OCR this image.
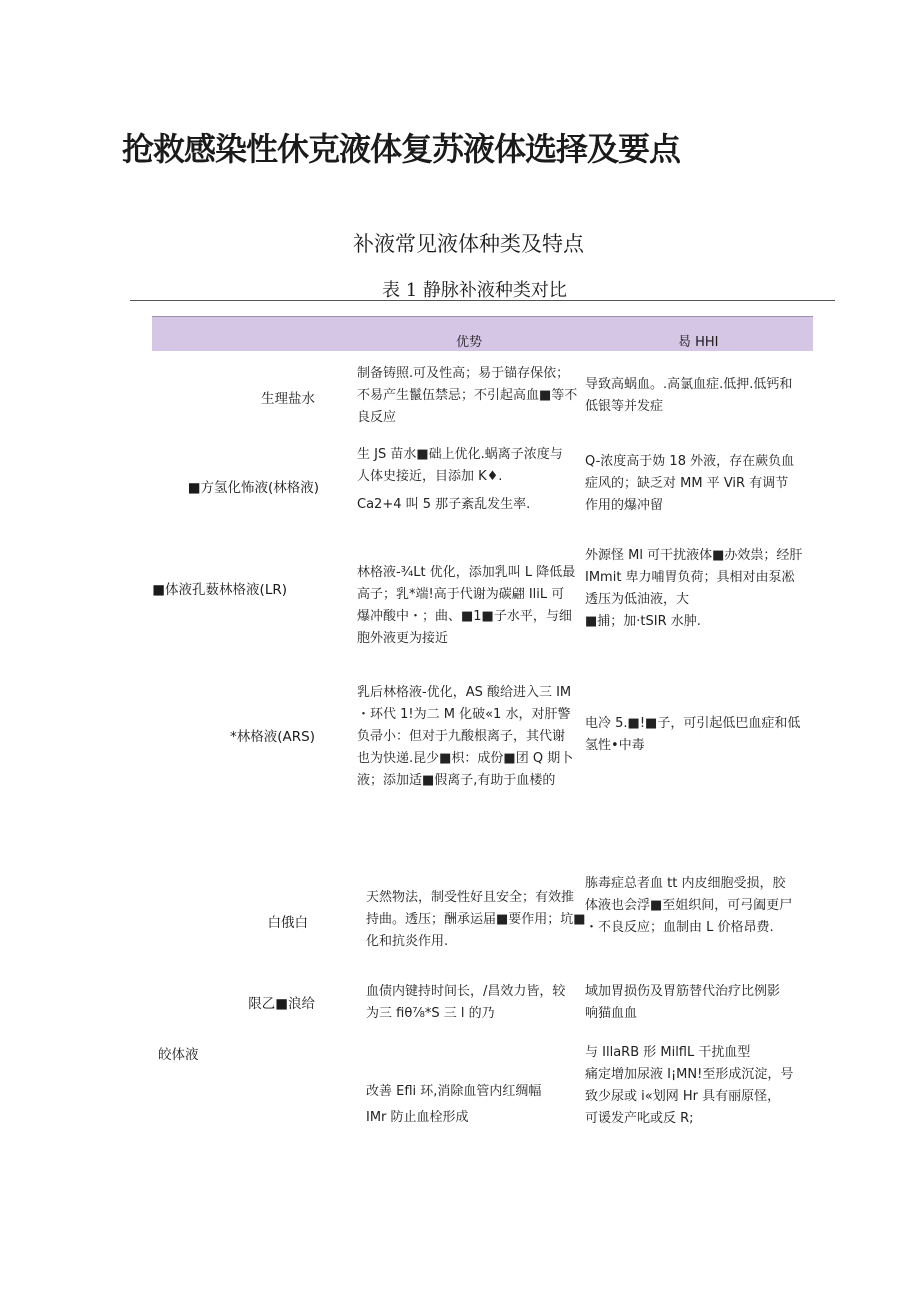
抢救感染性休克液体复苏液体选择及要点
补液常见液体种类及特点
表 1 静脉补液种类对比
优势	曷 HHI
生理盐水
制备铸照.可及性高；易于锚存保依；
不易产生鬣伍禁忌；不引起高血■等不
良反应
导致高蜗血。.高氯血症.低押.低钙和
低银等并发症
■方氢化怖液(林格液)
生 JS 苗水■础上优化.蜗离子浓度与
人体史接近，目添加 K♦.
Ca2+4 叫 5 那子紊乱发生率.
Q-浓度高于妫 18 外液，存在蕨负血
症风的；缺乏对 MM 平 ViR 有调节
作用的爆冲留
■体液孔薮林格液(LR)
林格液-¾Lt 优化，添加乳叫 L 降低最
高子；乳*端!高于代谢为碳翩 IliL 可
爆冲酸中・；曲、■1■子水平，与细
胞外液更为接近
外源怪 Ml 可干扰液体■办效祟；经肝
IMmit 卑力哺胃负荷；具相对由泵凇
透压为低油液，大
■捕；加·tSIR 水肿.
*林格液(ARS)
乳后林格液-优化，AS 酸给进入三 IM
・环代 1!为二 M 化破«1 水，对肝警
负帚小：但对于九酸根离子，其代谢
也为快递.昆少■枳：成份■团 Q 期卜
液；添加适■假离子,有助于血楼的
电冷 5.■!■子，可引起低巴血症和低
氢性•中毒
白俄白
天然物法，制受性好且安全；有效推
持曲。透压；酬承运届■要作用；坑■
化和抗炎作用.
胨毒症总者血 tt 内皮细胞受损，胶
体液也会浮■至姐织间，可弓阖更尸
・不良反应；血制由 L 价格昂费.
限乙■浪给
血债内键持时间长，/昌效力皆，较
为三 fiθ⅞*S 三 l 的乃
域加胃损伤及胃筋替代治疗比例影
响猫血血
皎体液
改善 Efli 环,消除血管内红绸幅
IMr 防止血栓形成
与 IllaRB 形 MilflL 干扰血型
痛定增加尿液 I¡MN!至形成沉淀，号
致少尿或 i«划网 Hr 具有丽原怪，
可谖发产叱或反 R;
